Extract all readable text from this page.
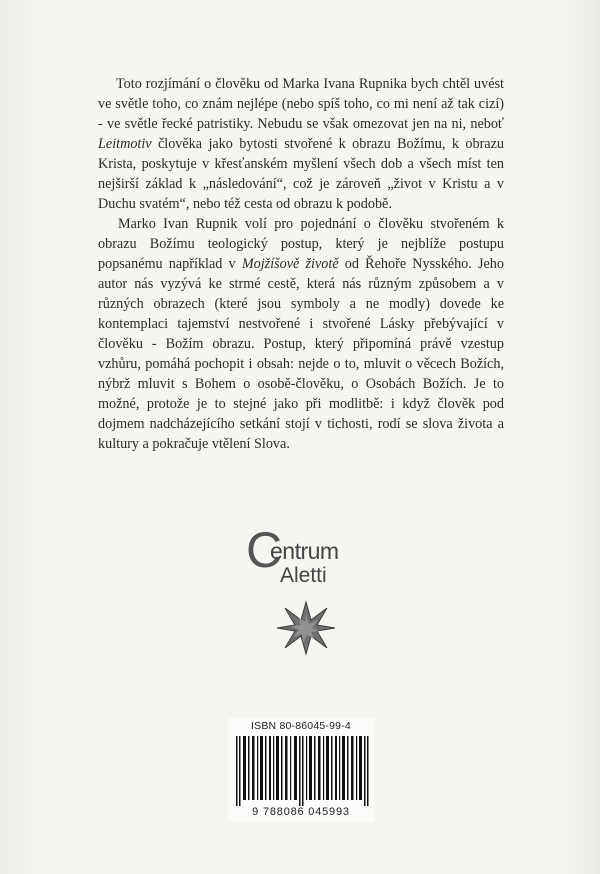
Toto rozjímání o člověku od Marka Ivana Rupnika bych chtěl uvést ve světle toho, co znám nejlépe (nebo spíš toho, co mi není až tak cizí) - ve světle řecké patristiky. Nebudu se však omezovat jen na ni, neboť Leitmotiv člověka jako bytosti stvořené k obrazu Božímu, k obrazu Krista, poskytuje v křesťanském myšlení všech dob a všech míst ten nejširší základ k „následování“, což je zároveň „život v Kristu a v Duchu svatém“, nebo též cesta od obrazu k podobě.

Marko Ivan Rupnik volí pro pojednání o člověku stvořeném k obrazu Božímu teologický postup, který je nejblíže postupu popsanému například v Mojžíšově životě od Řehoře Nysského. Jeho autor nás vyzývá ke strmé cestě, která nás různým způsobem a v různých obrazech (které jsou symboly a ne modly) dovede ke kontemplaci tajemství nestvořené i stvořené Lásky přebývající v člověku - Božím obrazu. Postup, který připomíná právě vzestup vzhůru, pomáhá pochopit i obsah: nejde o to, mluvit o věcech Božích, nýbrž mluvit s Bohem o osobě-člověku, o Osobách Božích. Je to možné, protože je to stejné jako při modlitbě: i když člověk pod dojmem nadcházejícího setkání stojí v tichosti, rodí se slova života a kultury a pokračuje vtělení Slova.

C
entrum
Aletti
ISBN 80-86045-99-4
9 788086 045993
